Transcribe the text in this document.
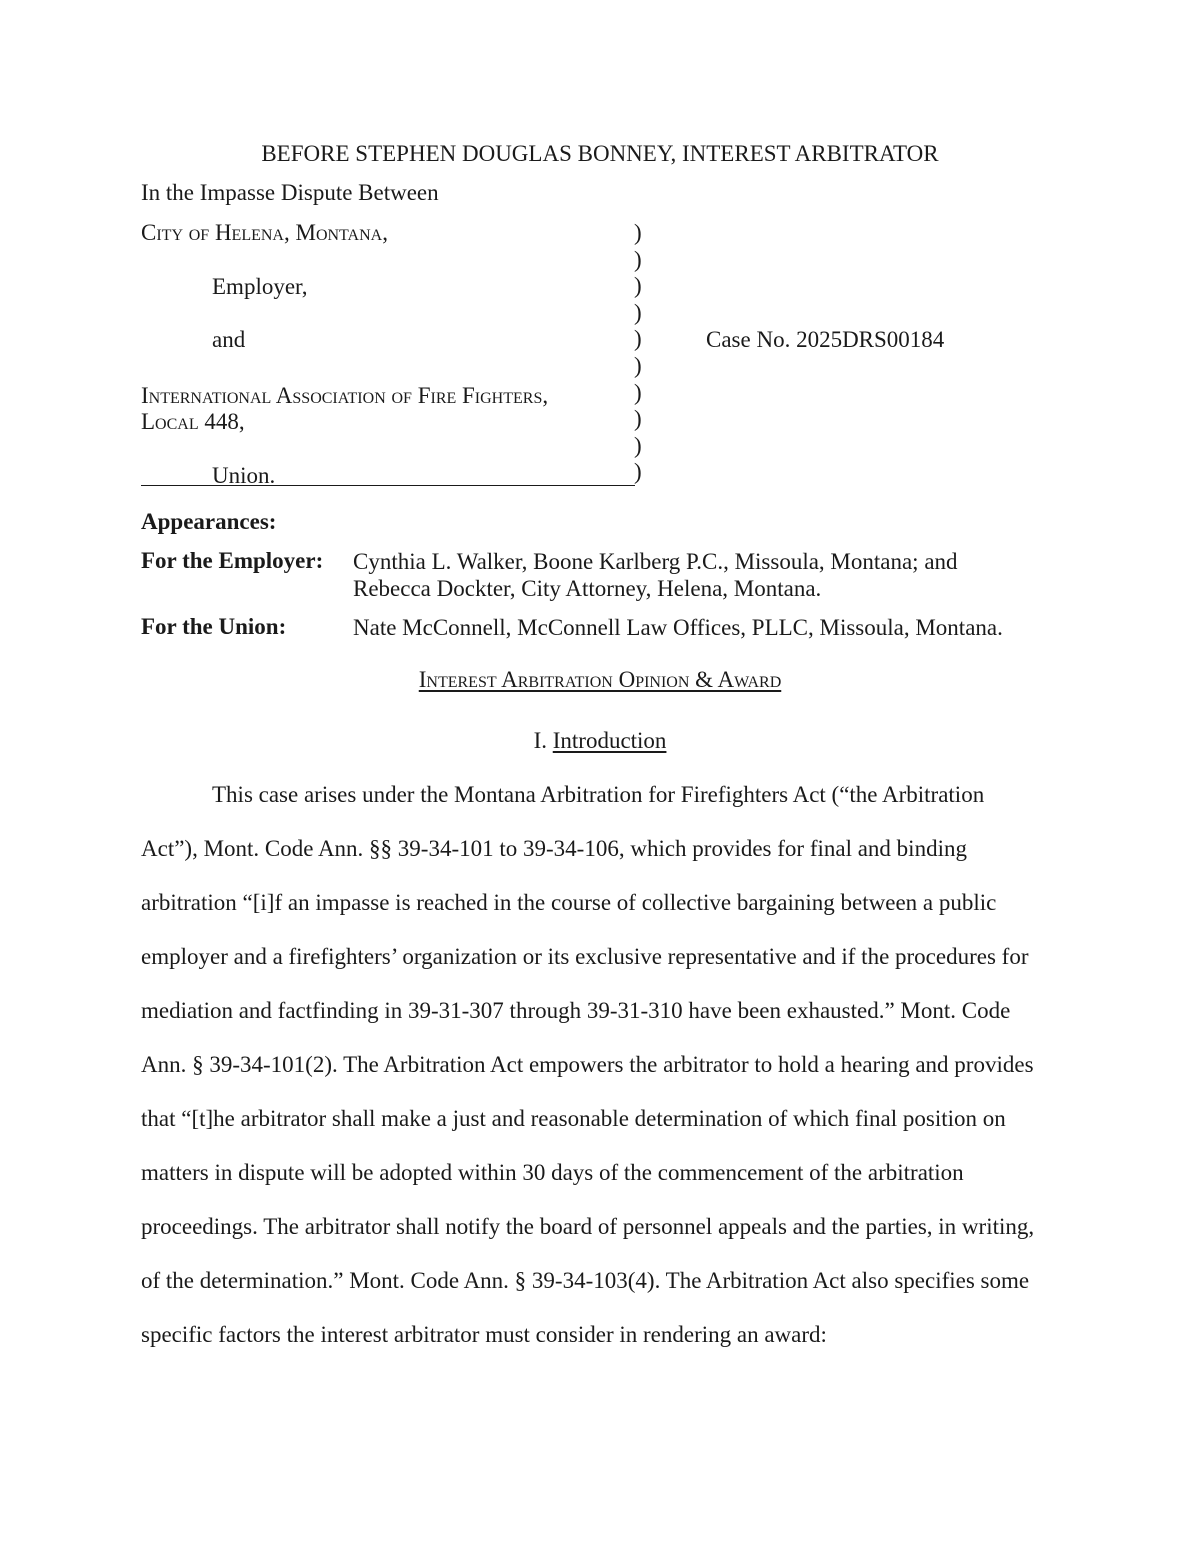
BEFORE STEPHEN DOUGLAS BONNEY, INTEREST ARBITRATOR
In the Impasse Dispute Between
City of Helena, Montana,
Employer,
and
International Association of Fire Fighters,
Local 448,
Union.
)
)
)
)
)
)
)
)
)
)
Case No. 2025DRS00184
Appearances:
For the Employer: Cynthia L. Walker, Boone Karlberg P.C., Missoula, Montana; and
Rebecca Dockter, City Attorney, Helena, Montana.
For the Union:	Nate McConnell, McConnell Law Offices, PLLC, Missoula, Montana.
Interest Arbitration Opinion & Award
I. Introduction
This case arises under the Montana Arbitration for Firefighters Act (“the Arbitration
Act”), Mont. Code Ann. §§ 39-34-101 to 39-34-106, which provides for final and binding
arbitration “[i]f an impasse is reached in the course of collective bargaining between a public
employer and a firefighters’ organization or its exclusive representative and if the procedures for
mediation and factfinding in 39-31-307 through 39-31-310 have been exhausted.” Mont. Code
Ann. § 39-34-101(2). The Arbitration Act empowers the arbitrator to hold a hearing and provides
that “[t]he arbitrator shall make a just and reasonable determination of which final position on
matters in dispute will be adopted within 30 days of the commencement of the arbitration
proceedings. The arbitrator shall notify the board of personnel appeals and the parties, in writing,
of the determination.” Mont. Code Ann. § 39-34-103(4). The Arbitration Act also specifies some
specific factors the interest arbitrator must consider in rendering an award:
